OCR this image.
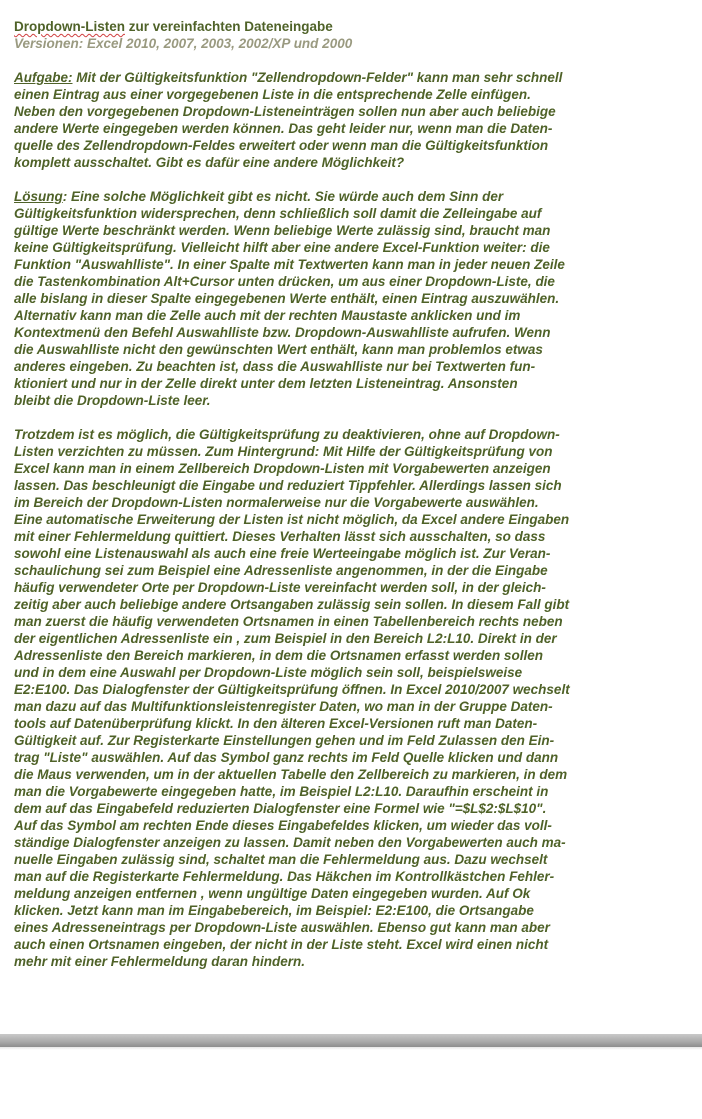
Dropdown-Listen zur vereinfachten Dateneingabe

Versionen: Excel 2010, 2007, 2003, 2002/XP und 2000

Aufgabe: Mit der Gültigkeitsfunktion "Zellendropdown-Felder" kann man sehr schnell
einen Eintrag aus einer vorgegebenen Liste in die entsprechende Zelle einfügen.
Neben den vorgegebenen Dropdown-Listeneinträgen sollen nun aber auch beliebige
andere Werte eingegeben werden können. Das geht leider nur, wenn man die Daten-
quelle des Zellendropdown-Feldes erweitert oder wenn man die Gültigkeitsfunktion
komplett ausschaltet. Gibt es dafür eine andere Möglichkeit?
Lösung: Eine solche Möglichkeit gibt es nicht. Sie würde auch dem Sinn der
Gültigkeitsfunktion widersprechen, denn schließlich soll damit die Zelleingabe auf
gültige Werte beschränkt werden. Wenn beliebige Werte zulässig sind, braucht man
keine Gültigkeitsprüfung. Vielleicht hilft aber eine andere Excel-Funktion weiter: die
Funktion "Auswahlliste". In einer Spalte mit Textwerten kann man in jeder neuen Zeile
die Tastenkombination Alt+Cursor unten drücken, um aus einer Dropdown-Liste, die
alle bislang in dieser Spalte eingegebenen Werte enthält, einen Eintrag auszuwählen.
Alternativ kann man die Zelle auch mit der rechten Maustaste anklicken und im
Kontextmenü den Befehl Auswahlliste bzw. Dropdown-Auswahlliste aufrufen. Wenn
die Auswahlliste nicht den gewünschten Wert enthält, kann man problemlos etwas
anderes eingeben. Zu beachten ist, dass die Auswahlliste nur bei Textwerten fun-
ktioniert und nur in der Zelle direkt unter dem letzten Listeneintrag. Ansonsten
bleibt die Dropdown-Liste leer.
Trotzdem ist es möglich, die Gültigkeitsprüfung zu deaktivieren, ohne auf Dropdown-
Listen verzichten zu müssen. Zum Hintergrund: Mit Hilfe der Gültigkeitsprüfung von
Excel kann man in einem Zellbereich Dropdown-Listen mit Vorgabewerten anzeigen
lassen. Das beschleunigt die Eingabe und reduziert Tippfehler. Allerdings lassen sich
im Bereich der Dropdown-Listen normalerweise nur die Vorgabewerte auswählen.
Eine automatische Erweiterung der Listen ist nicht möglich, da Excel andere Eingaben
mit einer Fehlermeldung quittiert. Dieses Verhalten lässt sich ausschalten, so dass
sowohl eine Listenauswahl als auch eine freie Werteeingabe möglich ist. Zur Veran-
schaulichung sei zum Beispiel eine Adressenliste angenommen, in der die Eingabe
häufig verwendeter Orte per Dropdown-Liste vereinfacht werden soll, in der gleich-
zeitig aber auch beliebige andere Ortsangaben zulässig sein sollen. In diesem Fall gibt
man zuerst die häufig verwendeten Ortsnamen in einen Tabellenbereich rechts neben
der eigentlichen Adressenliste ein , zum Beispiel in den Bereich L2:L10. Direkt in der
Adressenliste den Bereich markieren, in dem die Ortsnamen erfasst werden sollen
und in dem eine Auswahl per Dropdown-Liste möglich sein soll, beispielsweise
E2:E100. Das Dialogfenster der Gültigkeitsprüfung öffnen. In Excel 2010/2007 wechselt
man dazu auf das Multifunktionsleistenregister Daten, wo man in der Gruppe Daten-
tools auf Datenüberprüfung klickt. In den älteren Excel-Versionen ruft man Daten-
Gültigkeit auf. Zur Registerkarte Einstellungen gehen und im Feld Zulassen den Ein-
trag "Liste" auswählen. Auf das Symbol ganz rechts im Feld Quelle klicken und dann
die Maus verwenden, um in der aktuellen Tabelle den Zellbereich zu markieren, in dem
man die Vorgabewerte eingegeben hatte, im Beispiel L2:L10. Daraufhin erscheint in
dem auf das Eingabefeld reduzierten Dialogfenster eine Formel wie "=$L$2:$L$10".
Auf das Symbol am rechten Ende dieses Eingabefeldes klicken, um wieder das voll-
ständige Dialogfenster anzeigen zu lassen. Damit neben den Vorgabewerten auch ma-
nuelle Eingaben zulässig sind, schaltet man die Fehlermeldung aus. Dazu wechselt
man auf die Registerkarte Fehlermeldung. Das Häkchen im Kontrollkästchen Fehler-
meldung anzeigen entfernen , wenn ungültige Daten eingegeben wurden. Auf Ok
klicken. Jetzt kann man im Eingabebereich, im Beispiel: E2:E100, die Ortsangabe
eines Adresseneintrags per Dropdown-Liste auswählen. Ebenso gut kann man aber
auch einen Ortsnamen eingeben, der nicht in der Liste steht. Excel wird einen nicht
mehr mit einer Fehlermeldung daran hindern.
